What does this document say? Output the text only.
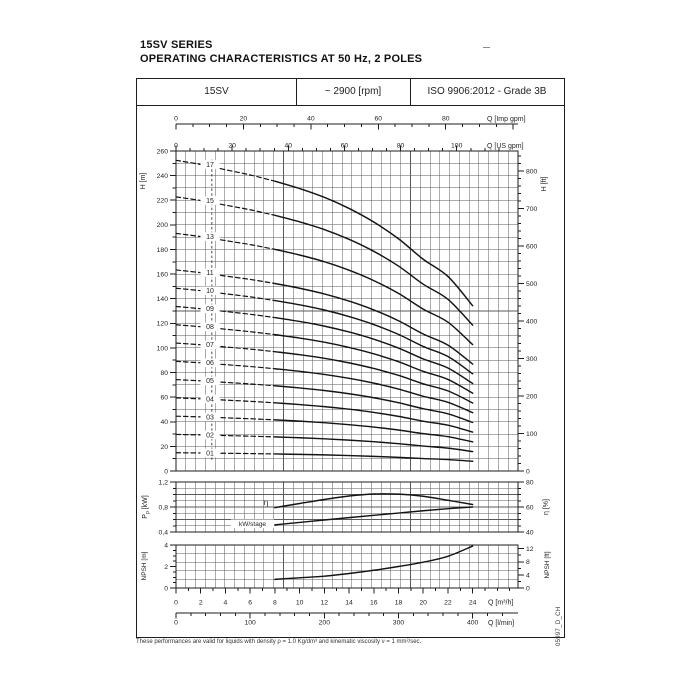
15SV SERIES
OPERATING CHARACTERISTICS AT 50 Hz, 2 POLES
15SV	~ 2900 [rpm]	ISO 9906:2012 - Grade 3B
01
02
03
04
05
06
07
08
09
10
11
13
15
17
0
20
40
60
80
100
120
140
160
180
200
220
240
260
H [m]
0
100
200
300
400
500
600
700
800
H [ft]
0	20	40	60	80	Q [Imp gpm]
0	20	40	60	80	100	Q [US gpm]
η
kW/stage
0,4
0,8
1,2
$P_p$ [kW]
40
60
80
η [%]
0
2
4
NPSH [m]
0
4
8
12
NPSH [ft]
0	2	4	6	8	10	12	14	16	18	20	22	24 Q [m³/h]
0	100	200	300	400 Q [l/min]
These performances are valid for liquids with density ρ = 1.0 Kg/dm³ and kinematic viscosity ν = 1 mm²/sec.	05997_D_CH
